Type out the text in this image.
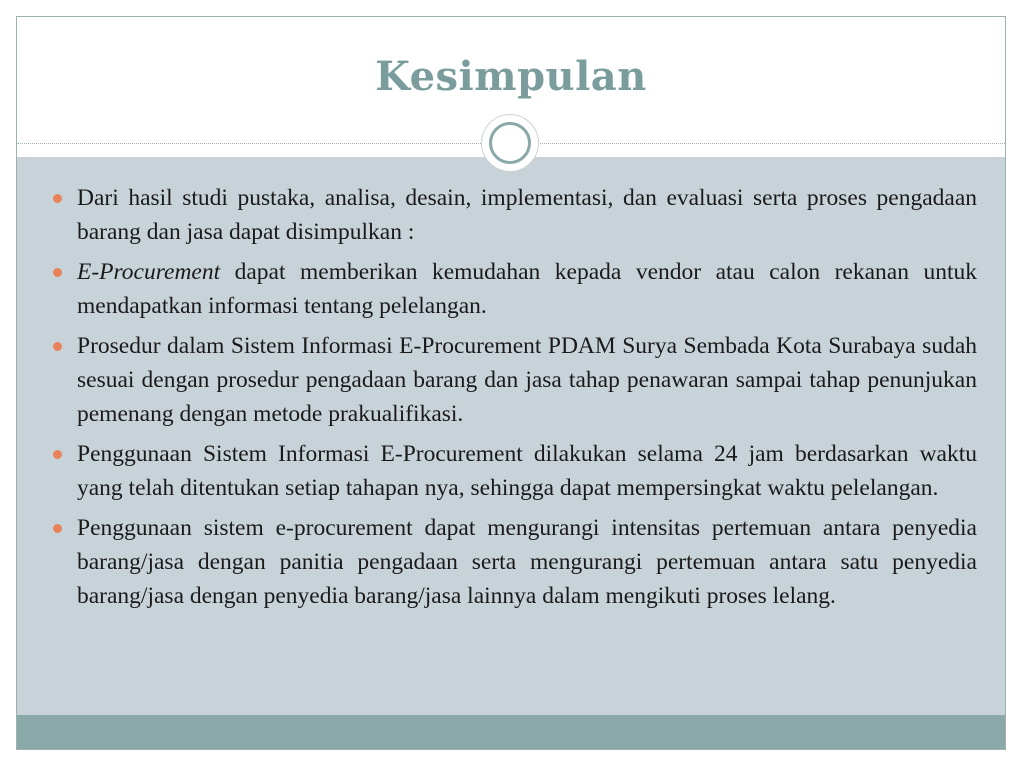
Kesimpulan
Dari hasil studi pustaka, analisa, desain, implementasi, dan evaluasi serta proses pengadaan barang dan jasa dapat disimpulkan :
E-Procurement dapat memberikan kemudahan kepada vendor atau calon rekanan untuk mendapatkan informasi tentang pelelangan.
Prosedur dalam Sistem Informasi E-Procurement PDAM Surya Sembada Kota Surabaya sudah sesuai dengan prosedur pengadaan barang dan jasa tahap penawaran sampai tahap penunjukan pemenang dengan metode prakualifikasi.
Penggunaan Sistem Informasi E-Procurement dilakukan selama 24 jam berdasarkan waktu yang telah ditentukan setiap tahapan nya, sehingga dapat mempersingkat waktu pelelangan.
Penggunaan sistem e-procurement dapat mengurangi intensitas pertemuan antara penyedia barang/jasa dengan panitia pengadaan serta mengurangi pertemuan antara satu penyedia barang/jasa dengan penyedia barang/jasa lainnya dalam mengikuti proses lelang.
